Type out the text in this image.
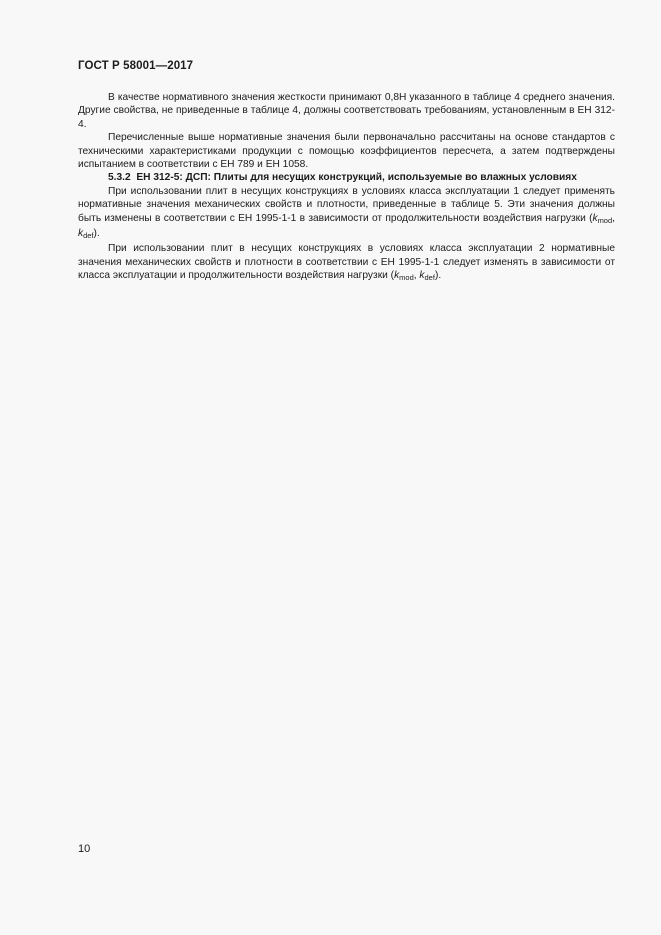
ГОСТ Р 58001—2017

В качестве нормативного значения жесткости принимают 0,8H указанного в таблице 4 среднего значения. Другие свойства, не приведенные в таблице 4, должны соответствовать требованиям, установленным в ЕН 312-4.

Перечисленные выше нормативные значения были первоначально рассчитаны на основе стандартов с техническими характеристиками продукции с помощью коэффициентов пересчета, а затем подтверждены испытанием в соответствии с ЕН 789 и ЕН 1058.

5.3.2 ЕН 312-5: ДСП: Плиты для несущих конструкций, используемые во влажных условиях

При использовании плит в несущих конструкциях в условиях класса эксплуатации 1 следует применять нормативные значения механических свойств и плотности, приведенные в таблице 5. Эти значения должны быть изменены в соответствии с ЕН 1995-1-1 в зависимости от продолжительности воздействия нагрузки ($k_{mod}$, $k_{def}$).

При использовании плит в несущих конструкциях в условиях класса эксплуатации 2 нормативные значения механических свойств и плотности в соответствии с ЕН 1995-1-1 следует изменять в зависимости от класса эксплуатации и продолжительности воздействия нагрузки ($k_{mod}$, $k_{def}$).

10
